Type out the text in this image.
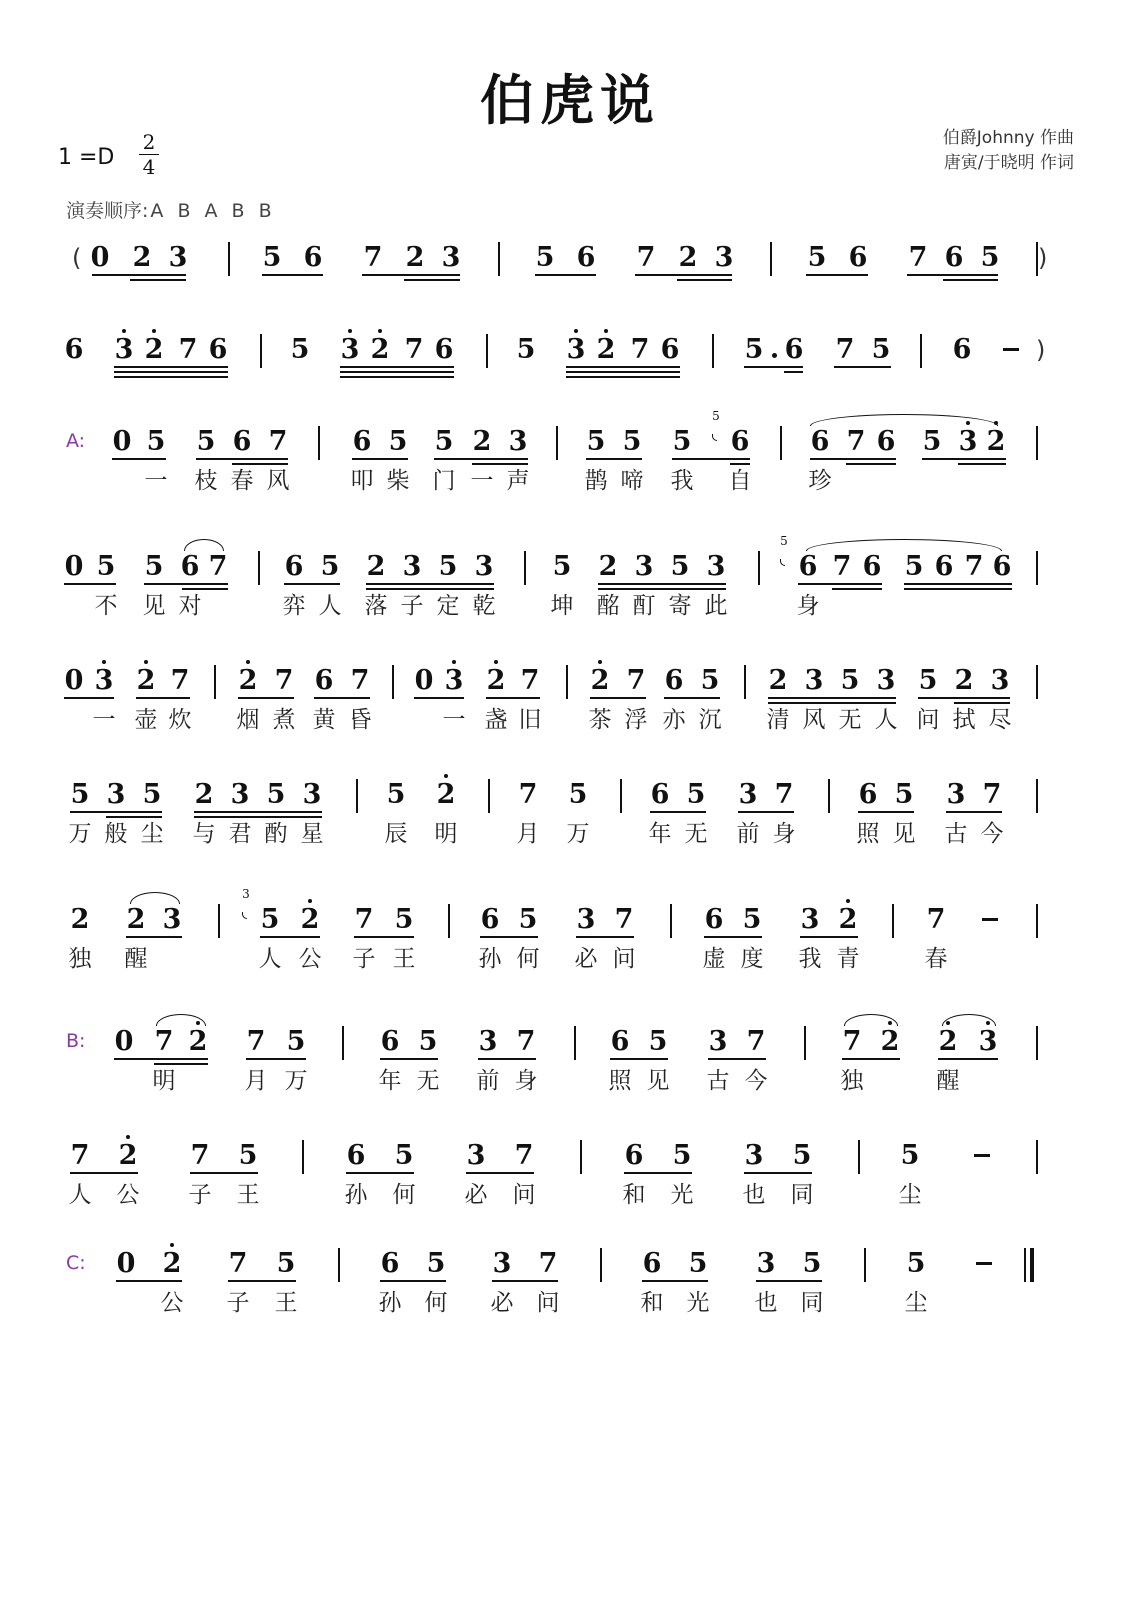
伯虎说
伯爵Johnny 作曲
唐寅/于晓明 作词
1 =D
2
4
演奏顺序: A B A B B
(	)
0 2 3	5 6 7 2 3	5 6 7 2 3	5 6 7 6 5
)
6 3 2 7 6 5 3 2 7 6 5 3 2 7 6 5 6 7 5 6
A: 0 5 5 6 7 6 5 5 2 3 5 5 5 6 6 7 6 5 3 2
5
一 枝 春 风	叩 柴 门 一 声 鹊 啼 我 自 珍
0 5 5 6 7 6 5 2 3 5 3 5 2 3 5 3	6 7 6 5 6 7 6
5
不 见 对	弈 人 落 子 定 乾 坤 酩 酊 寄 此	身
0 3 2 7 2 7 6 7 0 3 2 7 2 7 6 5 2 3 5 3 5 2 3
一 壶 炊 烟 煮 黄 昏	一 盏 旧 茶 浮 亦 沉 清 风 无 人 问 拭 尽
5 3 5 2 3 5 3 5 2 7 5 6 5 3 7 6 5 3 7
万 般 尘 与 君 酌 星	辰 明	月 万	年 无 前 身	照 见 古 今
2 2 3	5 2 7 5 6 5 3 7	6 5 3 2	7
3
独 醒	人 公 子 王	孙 何 必 问	虚 度 我 青	春
B: 0 7 2 7 5	6 5 3 7	6 5 3 7	7 2 2 3
明	月 万	年 无 前 身	照 见 古 今	独	醒
7 2 7 5	6 5 3 7	6 5 3 5	5
人 公 子 王	孙 何 必 问	和 光 也 同	尘
C: 0 2 7 5	6 5 3 7	6 5 3 5	5
公 子 王	孙 何 必 问	和 光 也 同	尘
